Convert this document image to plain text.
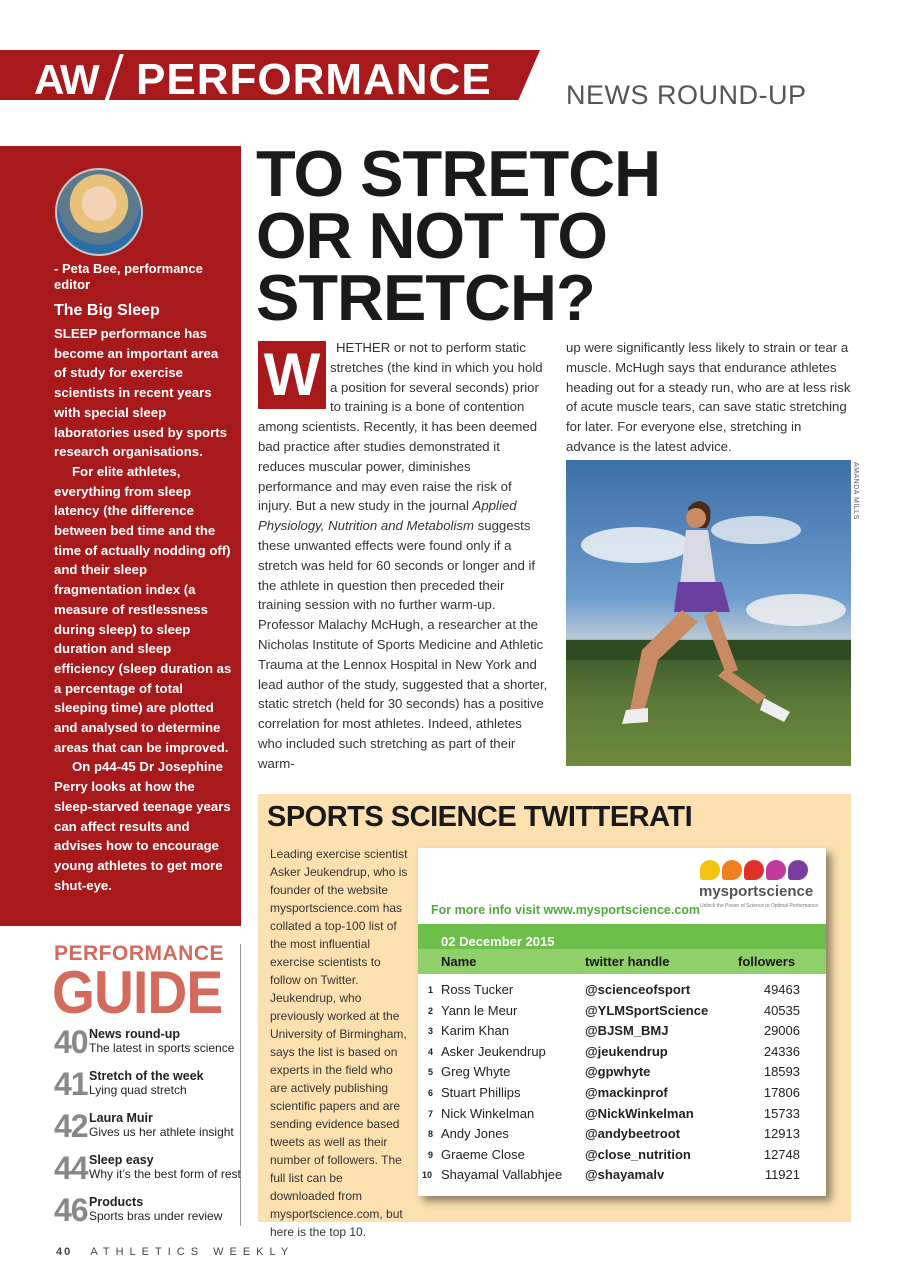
AW PERFORMANCE	NEWS ROUND-UP
- Peta Bee, performance editor
The Big Sleep

SLEEP performance has become an important area of study for exercise scientists in recent years with special sleep laboratories used by sports research organisations.

For elite athletes, everything from sleep latency (the difference between bed time and the time of actually nodding off) and their sleep fragmentation index (a measure of restlessness during sleep) to sleep duration and sleep efficiency (sleep duration as a percentage of total sleeping time) are plotted and analysed to determine areas that can be improved.

On p44-45 Dr Josephine Perry looks at how the sleep-starved teenage years can affect results and advises how to encourage young athletes to get more shut-eye.

PERFORMANCE
GUIDE
40 News round-up
The latest in sports science
41 Stretch of the week
Lying quad stretch
42 Laura Muir
Gives us her athlete insight
44 Sleep easy
Why it’s the best form of rest
46 Products
Sports bras under review
TO STRETCH
OR NOT TO
STRETCH?

HETHER or not to perform static stretches (the kind in which you hold a position for several seconds) prior to training is a bone of contention among scientists. Recently, it has been deemed bad practice after studies demonstrated it reduces muscular power, diminishes performance and may even raise the risk of injury. But a new study in the journal Applied Physiology, Nutrition and Metabolism suggests these unwanted effects were found only if a stretch was held for 60 seconds or longer and if the athlete in question then preceded their training session with no further warm-up. Professor Malachy McHugh, a researcher at the Nicholas Institute of Sports Medicine and Athletic Trauma at the Lennox Hospital in New York and lead author of the study, suggested that a shorter, static stretch (held for 30 seconds) has a positive correlation for most athletes. Indeed, athletes who included such stretching as part of their warm-

W	up were significantly less likely to strain or tear a muscle. McHugh says that endurance athletes heading out for a steady run, who are at less risk of acute muscle tears, can save static stretching for later. For everyone else, stretching in advance is the latest advice.
AMANDA MILLS
SPORTS SCIENCE TWITTERATI
Leading exercise scientist Asker Jeukendrup, who is founder of the website mysportscience.com has collated a top-100 list of the most influential exercise scientists to follow on Twitter. Jeukendrup, who previously worked at the University of Birmingham, says the list is based on experts in the field who are actively publishing scientific papers and are sending evidence based tweets as well as their number of followers. The full list can be downloaded from mysportscience.com, but here is the top 10.
mysportscience
Unlock the Power of Science to Optimal Performance
For more info visit www.mysportscience.com
02 December 2015
Name	twitter handle	followers
1 Ross Tucker	@scienceofsport	49463
2 Yann le Meur	@YLMSportScience	40535
3 Karim Khan	@BJSM_BMJ	29006
4 Asker Jeukendrup	@jeukendrup	24336
5 Greg Whyte	@gpwhyte	18593
6 Stuart Phillips	@mackinprof	17806
7 Nick Winkelman	@NickWinkelman	15733
8 Andy Jones	@andybeetroot	12913
9 Graeme Close	@close_nutrition	12748
10 Shayamal Vallabhjee @shayamalv	11921
40 ATHLETICS WEEKLY
